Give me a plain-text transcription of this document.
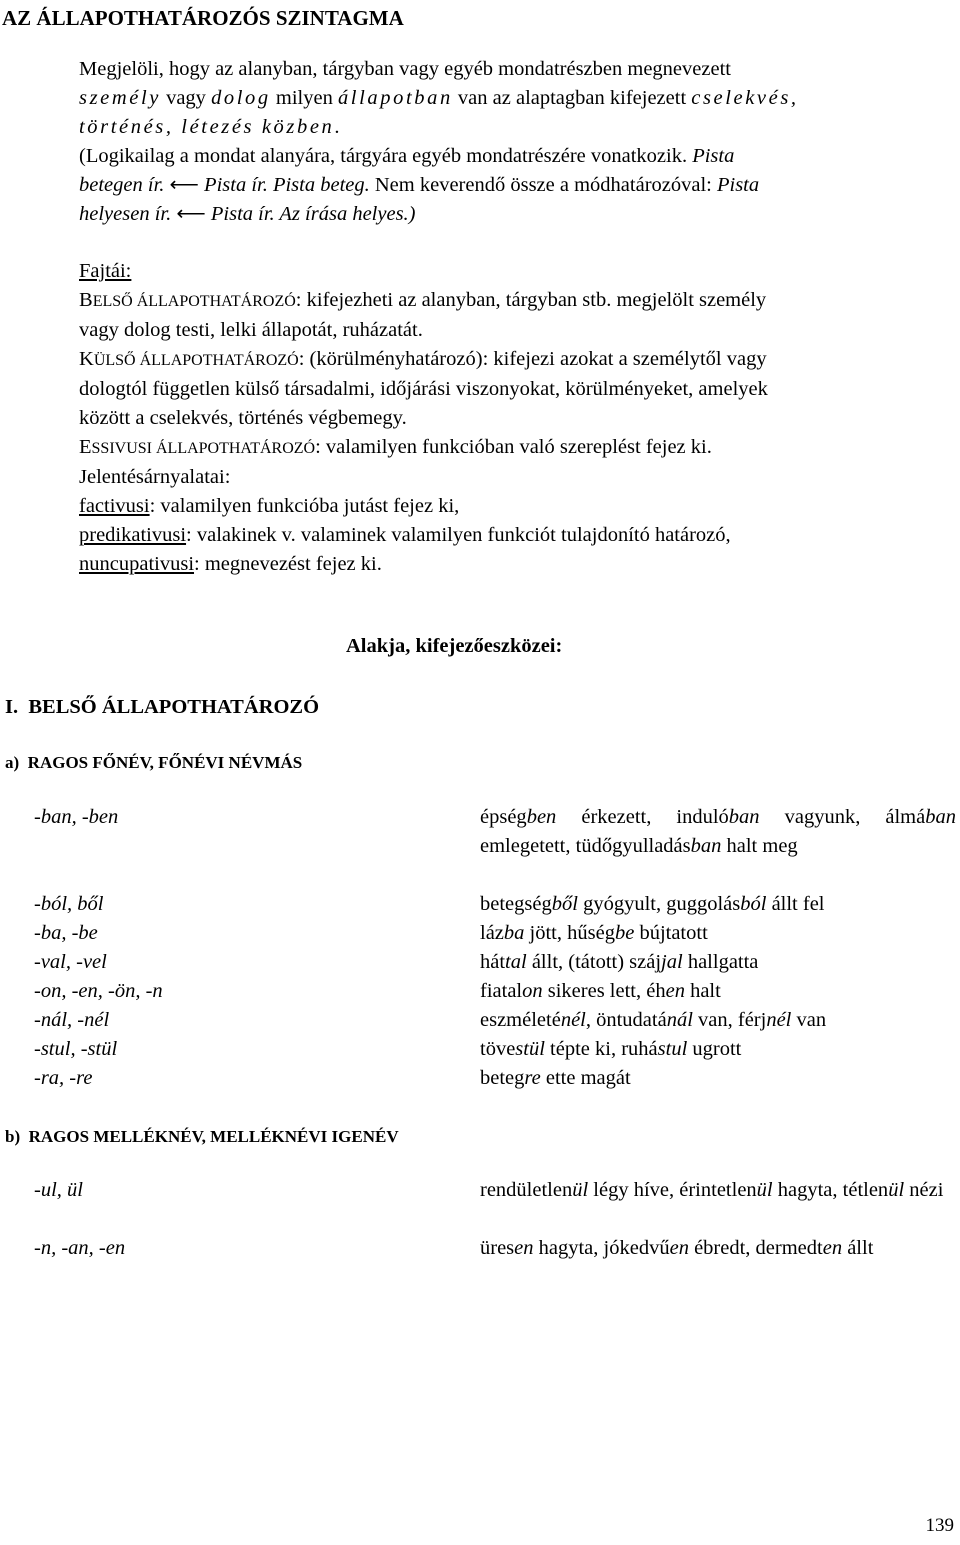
AZ ÁLLAPOTHATÁROZÓS SZINTAGMA
Megjelöli, hogy az alanyban, tárgyban vagy egyéb mondatrészben megnevezett
személy vagy dolog milyen állapotban van az alaptagban kifejezett cselekvés,
történés, létezés közben.
(Logikailag a mondat alanyára, tárgyára egyéb mondatrészére vonatkozik. Pista
betegen ír. ⟵ Pista ír. Pista beteg. Nem keverendő össze a módhatározóval: Pista
helyesen ír. ⟵ Pista ír. Az írása helyes.)
Fajtái:
BELSŐ ÁLLAPOTHATÁROZÓ: kifejezheti az alanyban, tárgyban stb. megjelölt személy
vagy dolog testi, lelki állapotát, ruházatát.
KÜLSŐ ÁLLAPOTHATÁROZÓ: (körülményhatározó): kifejezi azokat a személytől vagy
dologtól független külső társadalmi, időjárási viszonyokat, körülményeket, amelyek
között a cselekvés, történés végbemegy.
ESSIVUSI ÁLLAPOTHATÁROZÓ: valamilyen funkcióban való szereplést fejez ki.
Jelentésárnyalatai:
factivusi: valamilyen funkcióba jutást fejez ki,
predikativusi: valakinek v. valaminek valamilyen funkciót tulajdonító határozó,
nuncupativusi: megnevezést fejez ki.
Alakja, kifejezőeszközei:
I. BELSŐ ÁLLAPOTHATÁROZÓ
a) RAGOS FŐNÉV, FŐNÉVI NÉVMÁS
-ban, -ben	épségben érkezett, indulóban vagyunk, álmában emlegetett, tüdőgyulladásban halt meg
-ból, ből	betegségből gyógyult, guggolásból állt fel
-ba, -be	lázba jött, hűségbe bújtatott
-val, -vel	háttal állt, (tátott) szájjal hallgatta
-on, -en, -ön, -n	fiatalon sikeres lett, éhen halt
-nál, -nél	eszméleténél, öntudatánál van, férjnél van
-stul, -stül	tövestül tépte ki, ruhástul ugrott
-ra, -re	betegre ette magát
b) RAGOS MELLÉKNÉV, MELLÉKNÉVI IGENÉV
-ul, ül	rendületlenül légy híve, érintetlenül hagyta, tétlenül nézi
-n, -an, -en	üresen hagyta, jókedvűen ébredt, dermedten állt
139
